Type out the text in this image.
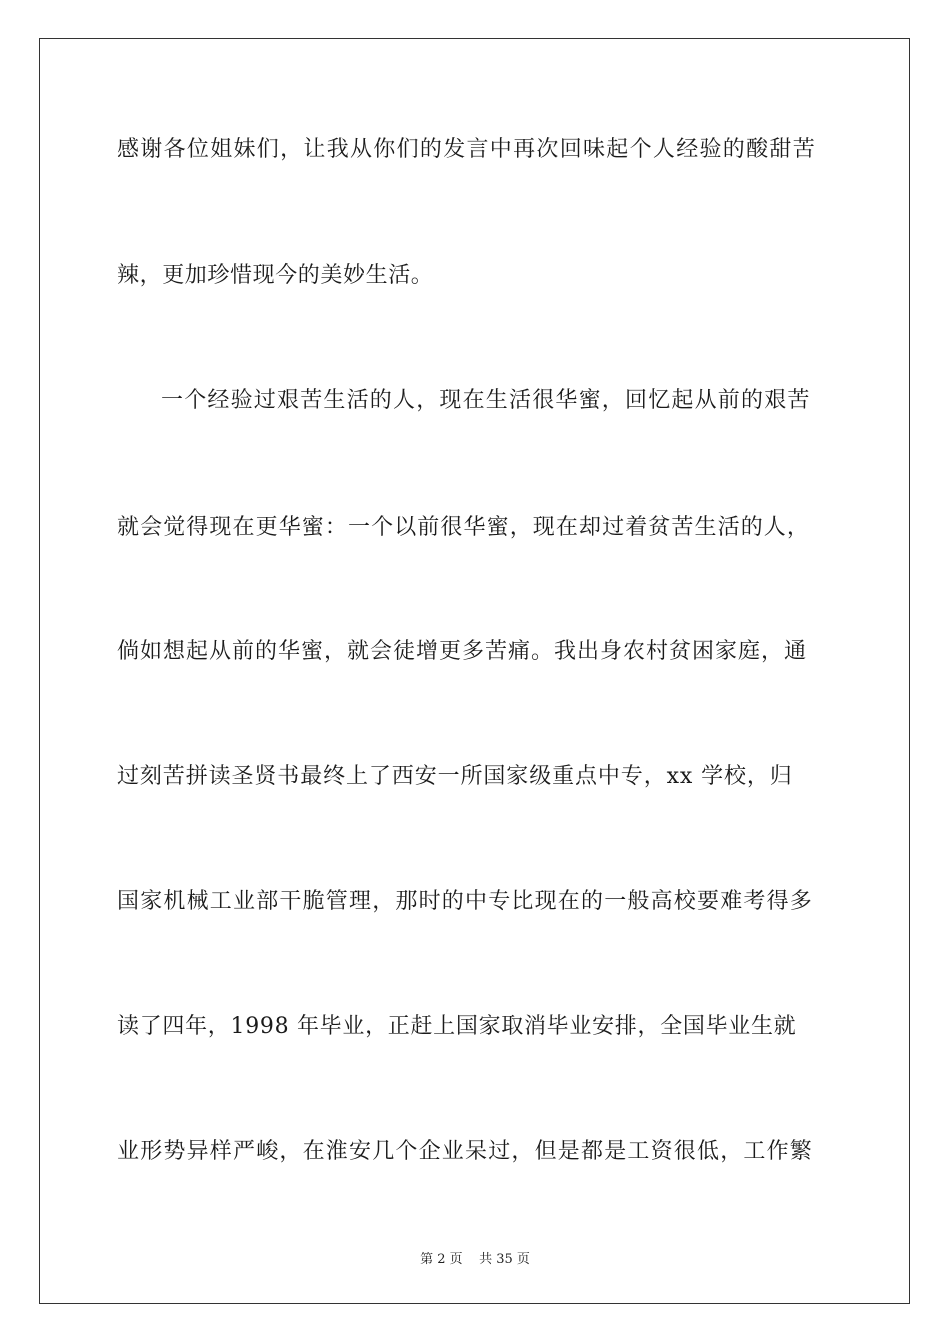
感谢各位姐妹们，让我从你们的发言中再次回味起个人经验的酸甜苦
辣，更加珍惜现今的美妙生活。
一个经验过艰苦生活的人，现在生活很华蜜，回忆起从前的艰苦
就会觉得现在更华蜜：一个以前很华蜜，现在却过着贫苦生活的人，
倘如想起从前的华蜜，就会徒增更多苦痛。我出身农村贫困家庭，通
过刻苦拼读圣贤书最终上了西安一所国家级重点中专，xx 学校，归
国家机械工业部干脆管理，那时的中专比现在的一般高校要难考得多
读了四年，1998 年毕业，正赶上国家取消毕业安排，全国毕业生就
业形势异样严峻，在淮安几个企业呆过，但是都是工资很低，工作繁
第 2 页    共 35 页
